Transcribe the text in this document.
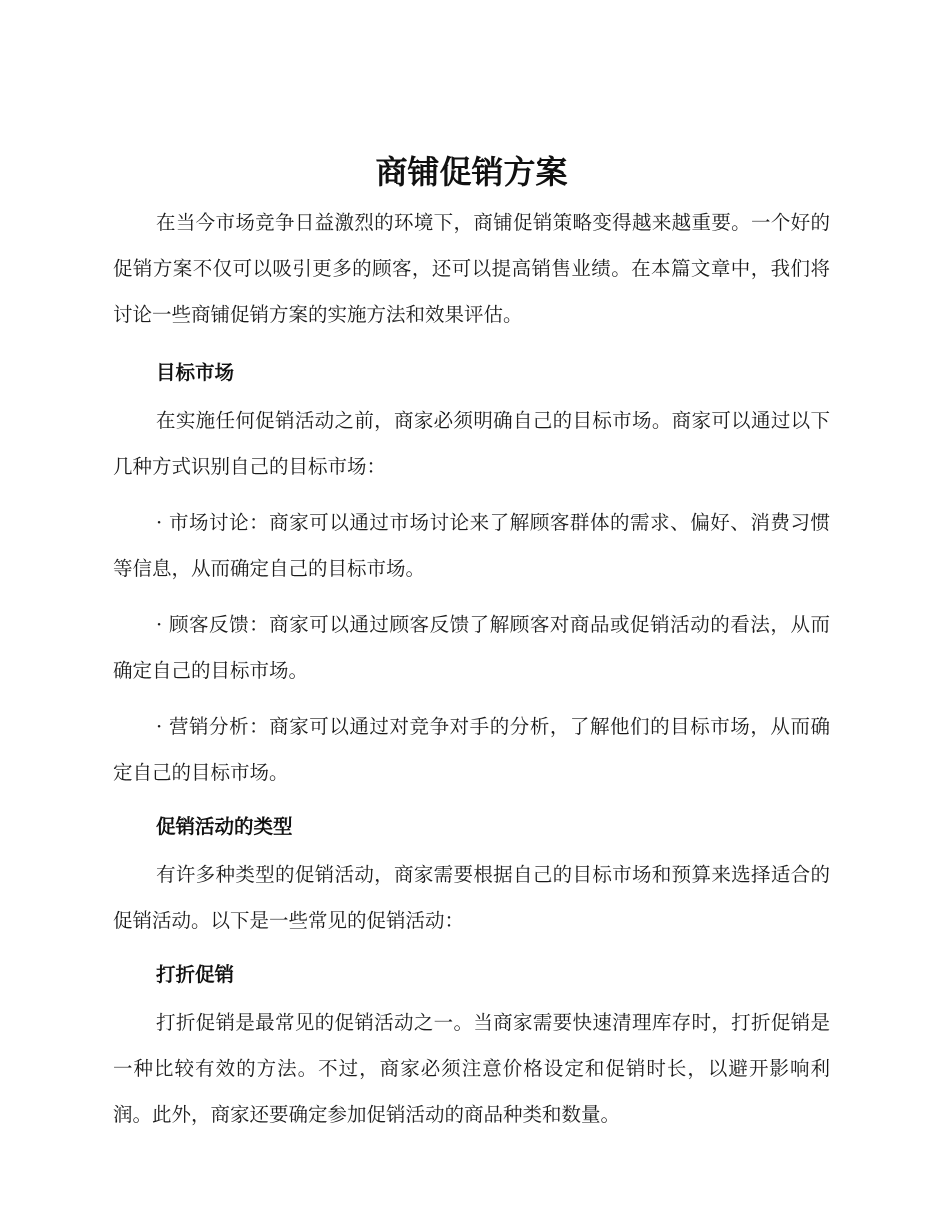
商铺促销方案

在当今市场竞争日益激烈的环境下，商铺促销策略变得越来越重要。一个好的促销方案不仅可以吸引更多的顾客，还可以提高销售业绩。在本篇文章中，我们将讨论一些商铺促销方案的实施方法和效果评估。

目标市场

在实施任何促销活动之前，商家必须明确自己的目标市场。商家可以通过以下几种方式识别自己的目标市场：

· 市场讨论：商家可以通过市场讨论来了解顾客群体的需求、偏好、消费习惯等信息，从而确定自己的目标市场。

· 顾客反馈：商家可以通过顾客反馈了解顾客对商品或促销活动的看法，从而确定自己的目标市场。

· 营销分析：商家可以通过对竞争对手的分析，了解他们的目标市场，从而确定自己的目标市场。

促销活动的类型

有许多种类型的促销活动，商家需要根据自己的目标市场和预算来选择适合的促销活动。以下是一些常见的促销活动：

打折促销

打折促销是最常见的促销活动之一。当商家需要快速清理库存时，打折促销是一种比较有效的方法。不过，商家必须注意价格设定和促销时长，以避开影响利润。此外，商家还要确定参加促销活动的商品种类和数量。
